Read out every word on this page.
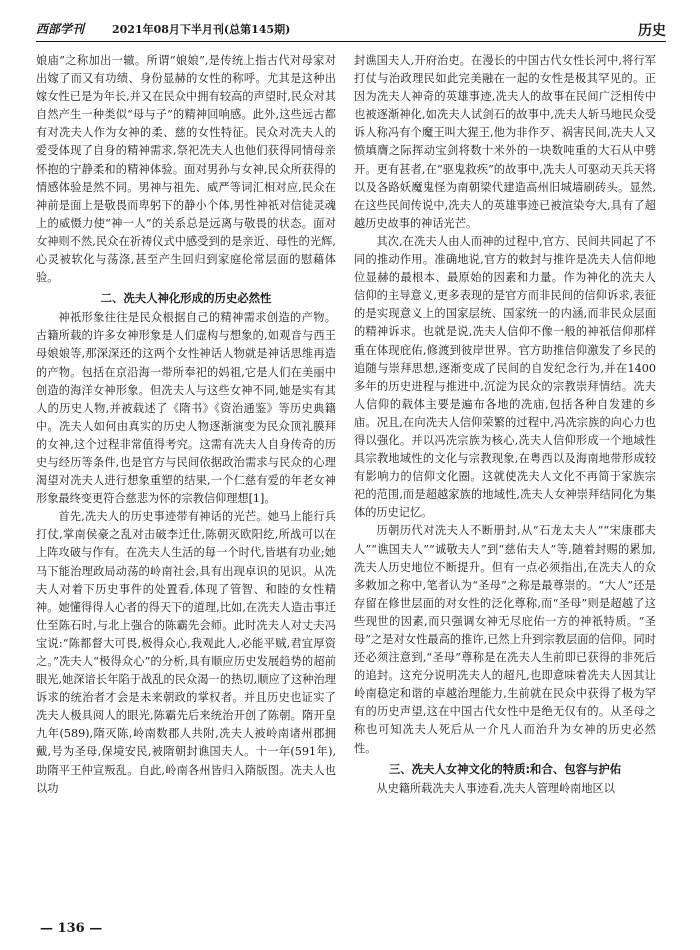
西部学刊	2021年08月下半月刊(总第145期)	历史

娘庙”之称加出一辙。所谓“娘娘”,是传统上指古代对母家对出嫁了而又有功绩、身份显赫的女性的称呼。尤其是这种出嫁女性已是为年长,并又在民众中拥有较高的声望时,民众对其自然产生一种类似“母与子”的精神回响感。此外,这些远古都有对冼夫人作为女神的柔、慈的女性特征。民众对冼夫人的爱受体现了自身的精神需求,祭祀冼夫人也他们获得同情母亲怀抱的宁静柔和的精神体验。面对男孙与女神,民众所获得的情感体验是然不同。男神与祖先、威严等词汇相对应,民众在神前是面上是敬畏而卑躬下的静小个体,男性神祇对信徒灵魂上的威慑力使“神一人”的关系总是远离与敬畏的状态。面对女神则不然,民众在祈祷仪式中感受到的是亲近、母性的光辉,心灵被软化与荡涤,甚至产生回归到家庭伦常层面的慰藉体验。

二、冼夫人神化形成的历史必然性

神祇形象往往是民众根据自己的精神需求创造的产物。古籍所载的许多女神形象是人们虚构与想象的,如观音与西王母娘娘等,那深深还的这两个女性神话人物就是神话思维再造的产物。包括在京沿海一带所奉祀的妈祖,它是人们在美丽中创造的海洋女神形象。但冼夫人与这些女神不同,她是实有其人的历史人物,并被载述了《隋书》《资治通鉴》等历史典籍中。冼夫人如何由真实的历史人物逐渐演变为民众顶礼膜拜的女神,这个过程非常值得考究。这需有冼夫人自身传奇的历史与经历等条件,也是官方与民间依据政治需求与民众的心理渴望对冼夫人进行想象重塑的结果,一个仁慈有爱的年老女神形象最终变更符合慈悲为怀的宗教信仰理想[1]。

首先,冼夫人的历史事迹带有神话的光芒。她马上能行兵打仗,掌南侯豪之乱对击破李迁仕,陈朝灭欧阳纥,所战可以在上阵攻破与作有。在冼夫人生活的每一个时代,皆堪有功业;她马下能治理政局动荡的岭南社会,具有出现卓识的见识。从冼夫人对着下历史事件的处置看,体现了管智、和睦的女性精神。她懂得得人心者的得天下的道理,比如,在冼夫人造击事迁仕至陈石时,与北上强合的陈霸先会师。此时冼夫人对丈夫冯宝说:“陈都督大可畏,极得众心,我观此人,必能平贼,君宜厚资之。”冼夫人“极得众心”的分析,具有顺应历史发展趋势的超前眼光,她深谙长年陷于战乱的民众渴一的热切,顺应了这种治理诉求的统治者才会是未来朝政的掌权者。并且历史也证实了冼夫人极具阅人的眼光,陈霸先后来统治开创了陈朝。隋开皇九年(589),隋灭陈,岭南数郡人共附,冼夫人被岭南诸州郡拥戴,号为圣母,保境安民,被隋朝封谯国夫人。十一年(591年),助隋平王仲宣叛乱。自此,岭南各州皆归入隋版图。冼夫人也以功

封谯国夫人,开府治吏。在漫长的中国古代女性长河中,将行军打仗与治政理民如此完美融在一起的女性是极其罕见的。正因为冼夫人神奇的英雄事迹,冼夫人的故事在民间广泛相传中也被逐渐神化,如冼夫人试剑石的故事中,冼夫人斩马地民众受诉人称冯有个魔王叫大猩王,他为非作歹、祸害民间,冼夫人又愤填膺之际挥动宝剑将数十米外的一块数吨重的大石从中劈开。更有甚者,在“驱鬼救疾”的故事中,冼夫人可驱动天兵天将以及各路妖魔鬼怪为南朝梁代建造高州旧城墙刷砖头。显然,在这些民间传说中,冼夫人的英雄事迹已被渲染夸大,具有了超越历史故事的神话光芒。

其次,在冼夫人由人而神的过程中,官方、民间共同起了不同的推动作用。准确地说,官方的敕封与推许是冼夫人信仰地位显赫的最根本、最原始的因素和力量。作为神化的冼夫人信仰的主导意义,更多表现的是官方而非民间的信仰诉求,表征的是实现意义上的国家层统、国家统一的内涵,而非民众层面的精神诉求。也就是说,冼夫人信仰不像一般的神祇信仰那样重在体现庇佑,修渡到彼岸世界。官方助推信仰激发了乡民的追随与崇拜思想,逐渐变成了民间的自发纪念行为,并在1400多年的历史进程与推进中,沉淀为民众的宗教崇拜情结。冼夫人信仰的载体主要是遍布各地的冼庙,包括各种自发建的乡庙。况且,在向冼夫人信仰荣繁的过程中,冯冼宗族的向心力也得以强化。并以冯冼宗族为核心,冼夫人信仰形成一个地域性具宗教地域性的文化与宗教现象,在粤西以及海南地带形成较有影响力的信仰文化圈。这就使冼夫人文化不再简于家族宗祀的范围,而是超越家族的地域性,冼夫人女神崇拜结同化为集体的历史记忆。

历朝历代对冼夫人不断册封,从“石龙太夫人”“宋康郡夫人”“谯国夫人”“诚敬夫人”到“慈佑夫人”等,随着封赐的累加,冼夫人历史地位不断提升。但有一点必须指出,在冼夫人的众多敕加之称中,笔者认为“圣母”之称是最尊崇的。“大人”还是存留在修世层面的对女性的泛化尊称,而“圣母”则是超越了这些现世的因素,而只强调女神无尽庇佑一方的神祇特质。“圣母”之是对女性最高的推许,已然上升到宗教层面的信仰。同时还必须注意到,“圣母”尊称是在冼夫人生前即已获得的非死后的追封。这充分说明冼夫人的超凡,也即意味着冼夫人因其让岭南稳定和谐的卓越治理能力,生前就在民众中获得了极为罕有的历史声望,这在中国古代女性中是绝无仅有的。从圣母之称也可知冼夫人死后从一介凡人而治升为女神的历史必然性。

三、冼夫人女神文化的特质:和合、包容与护佑

从史籍所载冼夫人事迹看,冼夫人管理岭南地区以

— 136 —
